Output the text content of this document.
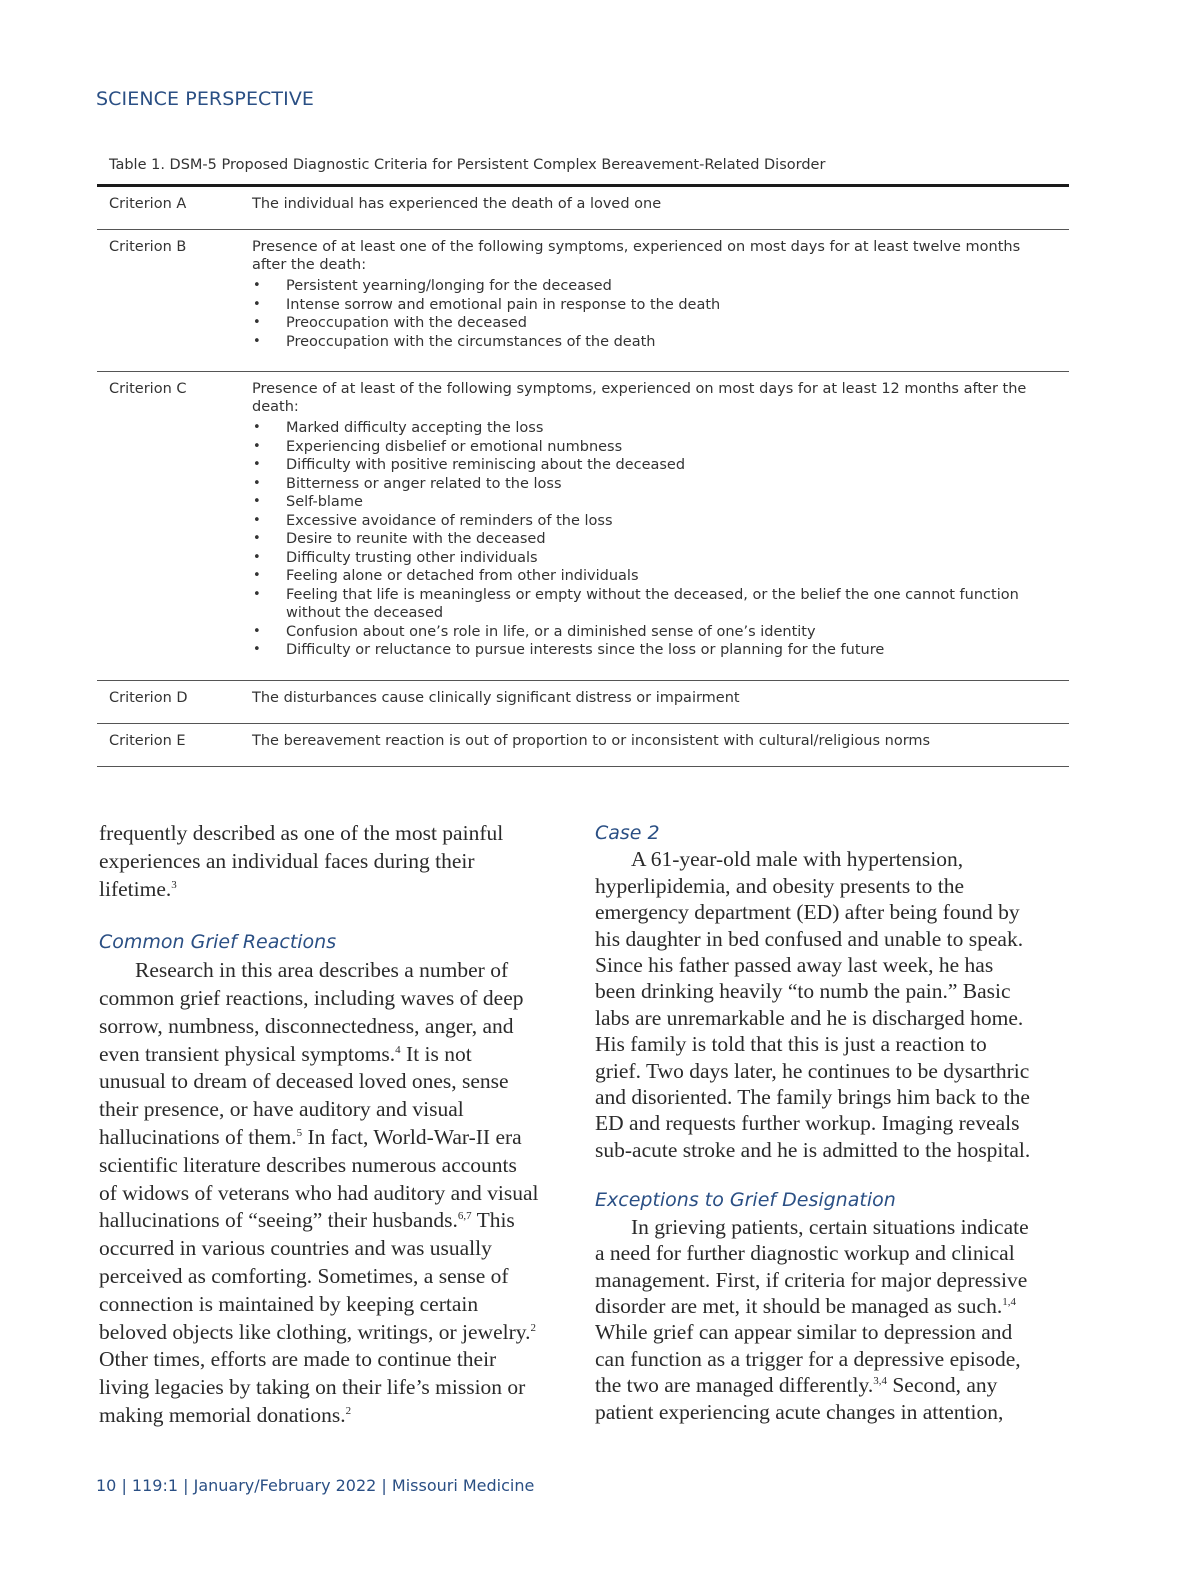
SCIENCE PERSPECTIVE
Table 1. DSM-5 Proposed Diagnostic Criteria for Persistent Complex Bereavement-Related Disorder
Criterion A	The individual has experienced the death of a loved one
Criterion B	Presence of at least one of the following symptoms, experienced on most days for at least twelve months after the death:
• Persistent yearning/longing for the deceased
• Intense sorrow and emotional pain in response to the death
• Preoccupation with the deceased
• Preoccupation with the circumstances of the death
Criterion C	Presence of at least of the following symptoms, experienced on most days for at least 12 months after the death:
• Marked difficulty accepting the loss
• Experiencing disbelief or emotional numbness
• Difficulty with positive reminiscing about the deceased
• Bitterness or anger related to the loss
• Self-blame
• Excessive avoidance of reminders of the loss
• Desire to reunite with the deceased
• Difficulty trusting other individuals
• Feeling alone or detached from other individuals
• Feeling that life is meaningless or empty without the deceased, or the belief the one cannot function without the deceased
• Confusion about one’s role in life, or a diminished sense of one’s identity
• Difficulty or reluctance to pursue interests since the loss or planning for the future
Criterion D	The disturbances cause clinically significant distress or impairment
Criterion E	The bereavement reaction is out of proportion to or inconsistent with cultural/religious norms

frequently described as one of the most painful experiences an individual faces during their lifetime.$^3$

Common Grief Reactions

Research in this area describes a number of common grief reactions, including waves of deep sorrow, numbness, disconnectedness, anger, and even transient physical symptoms.$^4$ It is not unusual to dream of deceased loved ones, sense their presence, or have auditory and visual hallucinations of them.$^5$ In fact, World-War-II era scientific literature describes numerous accounts of widows of veterans who had auditory and visual hallucinations of “seeing” their husbands.$^{6,7}$ This occurred in various countries and was usually perceived as comforting. Sometimes, a sense of connection is maintained by keeping certain beloved objects like clothing, writings, or jewelry.$^2$ Other times, efforts are made to continue their living legacies by taking on their life’s mission or making memorial donations.$^2$

Case 2

A 61-year-old male with hypertension, hyperlipidemia, and obesity presents to the emergency department (ED) after being found by his daughter in bed confused and unable to speak. Since his father passed away last week, he has been drinking heavily “to numb the pain.” Basic labs are unremarkable and he is discharged home. His family is told that this is just a reaction to grief. Two days later, he continues to be dysarthric and disoriented. The family brings him back to the ED and requests further workup. Imaging reveals sub-acute stroke and he is admitted to the hospital.

Exceptions to Grief Designation

In grieving patients, certain situations indicate a need for further diagnostic workup and clinical management. First, if criteria for major depressive disorder are met, it should be managed as such.$^{1,4}$ While grief can appear similar to depression and can function as a trigger for a depressive episode, the two are managed differently.$^{3,4}$ Second, any patient experiencing acute changes in attention,

10 | 119:1 | January/February 2022 | Missouri Medicine
